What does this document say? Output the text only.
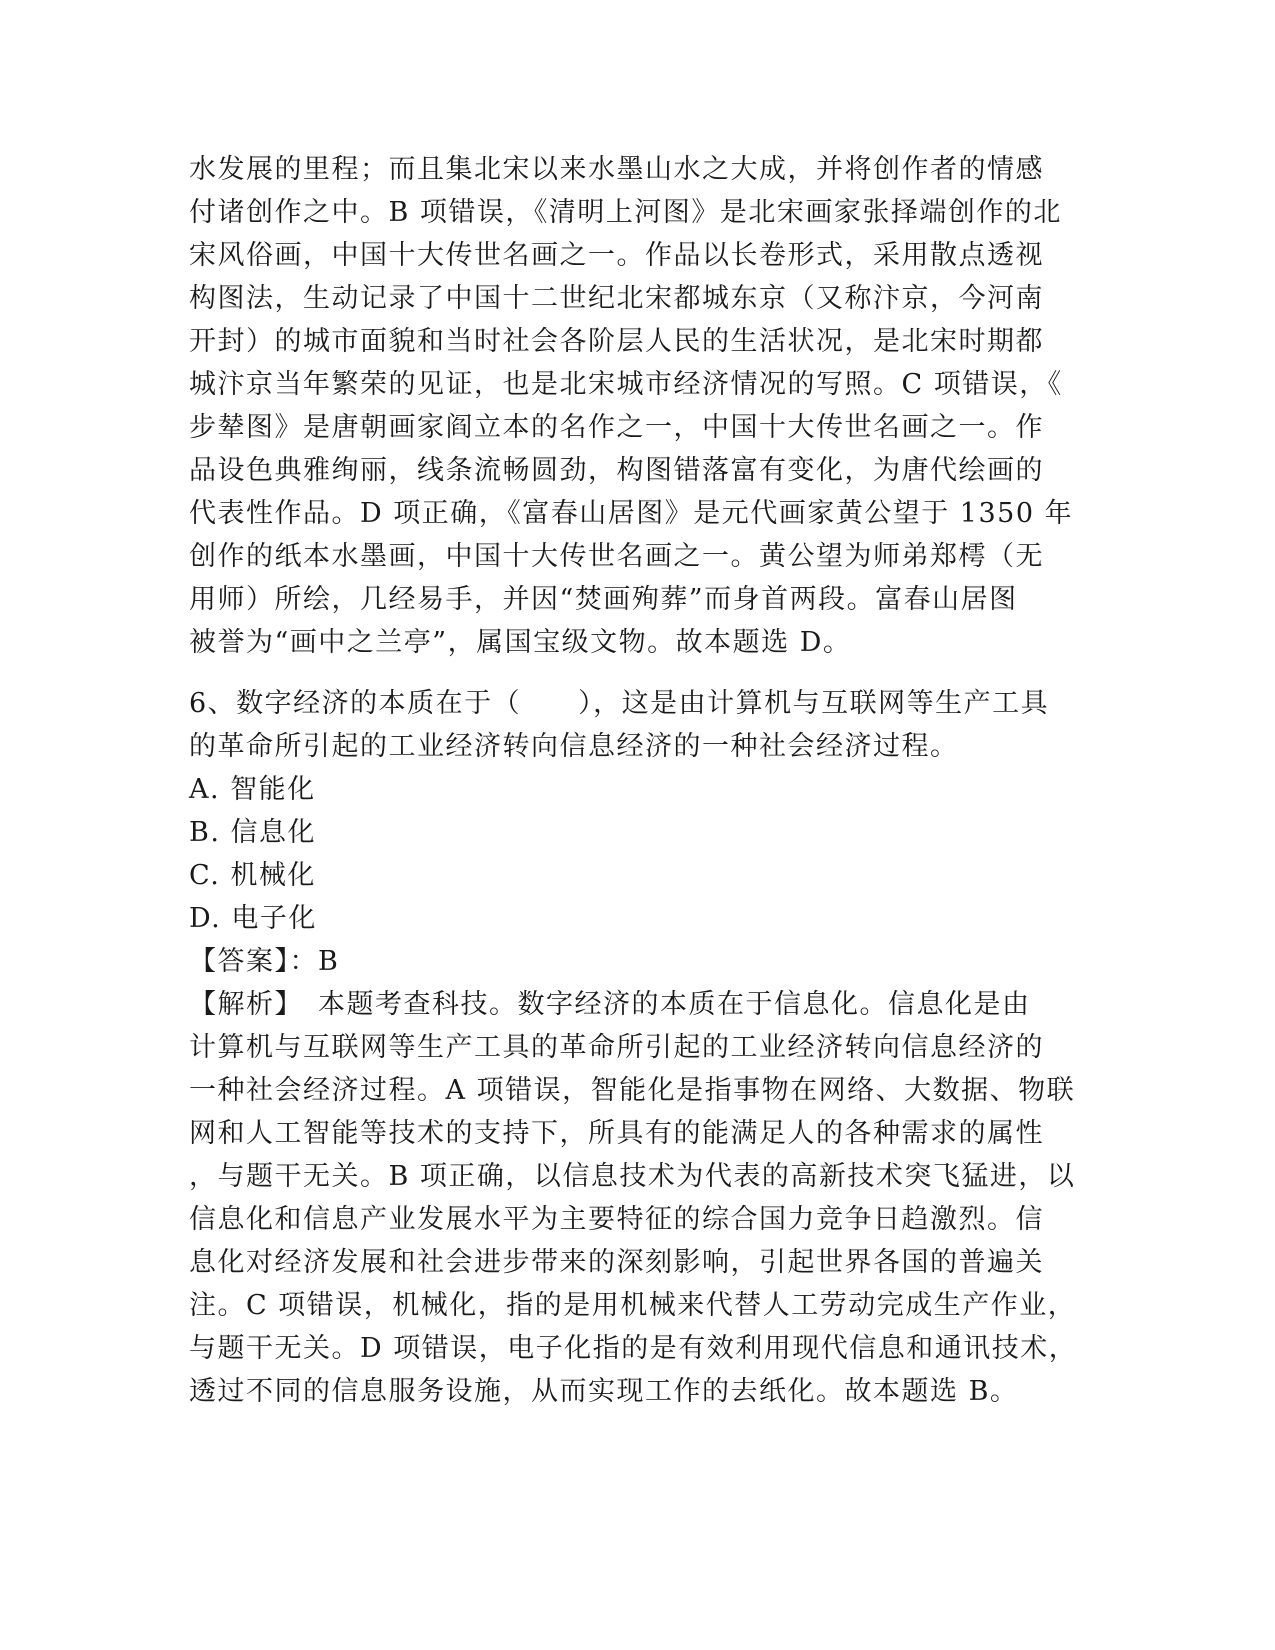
水发展的里程；而且集北宋以来水墨山水之大成，并将创作者的情感
付诸创作之中。B 项错误，《清明上河图》是北宋画家张择端创作的北
宋风俗画，中国十大传世名画之一。作品以长卷形式，采用散点透视
构图法，生动记录了中国十二世纪北宋都城东京（又称汴京，今河南
开封）的城市面貌和当时社会各阶层人民的生活状况，是北宋时期都
城汴京当年繁荣的见证，也是北宋城市经济情况的写照。C 项错误，《
步辇图》是唐朝画家阎立本的名作之一，中国十大传世名画之一。作
品设色典雅绚丽，线条流畅圆劲，构图错落富有变化，为唐代绘画的
代表性作品。D 项正确，《富春山居图》是元代画家黄公望于 1350 年
创作的纸本水墨画，中国十大传世名画之一。黄公望为师弟郑樗（无
用师）所绘，几经易手，并因“焚画殉葬”而身首两段。富春山居图
被誉为“画中之兰亭”，属国宝级文物。故本题选 D。
6、数字经济的本质在于（　　），这是由计算机与互联网等生产工具
的革命所引起的工业经济转向信息经济的一种社会经济过程。
A. 智能化
B. 信息化
C. 机械化
D. 电子化
【答案】：B
【解析】　本题考查科技。数字经济的本质在于信息化。信息化是由
计算机与互联网等生产工具的革命所引起的工业经济转向信息经济的
一种社会经济过程。A 项错误，智能化是指事物在网络、大数据、物联
网和人工智能等技术的支持下，所具有的能满足人的各种需求的属性
，与题干无关。B 项正确，以信息技术为代表的高新技术突飞猛进，以
信息化和信息产业发展水平为主要特征的综合国力竞争日趋激烈。信
息化对经济发展和社会进步带来的深刻影响，引起世界各国的普遍关
注。C 项错误，机械化，指的是用机械来代替人工劳动完成生产作业，
与题干无关。D 项错误，电子化指的是有效利用现代信息和通讯技术，
透过不同的信息服务设施，从而实现工作的去纸化。故本题选 B。
